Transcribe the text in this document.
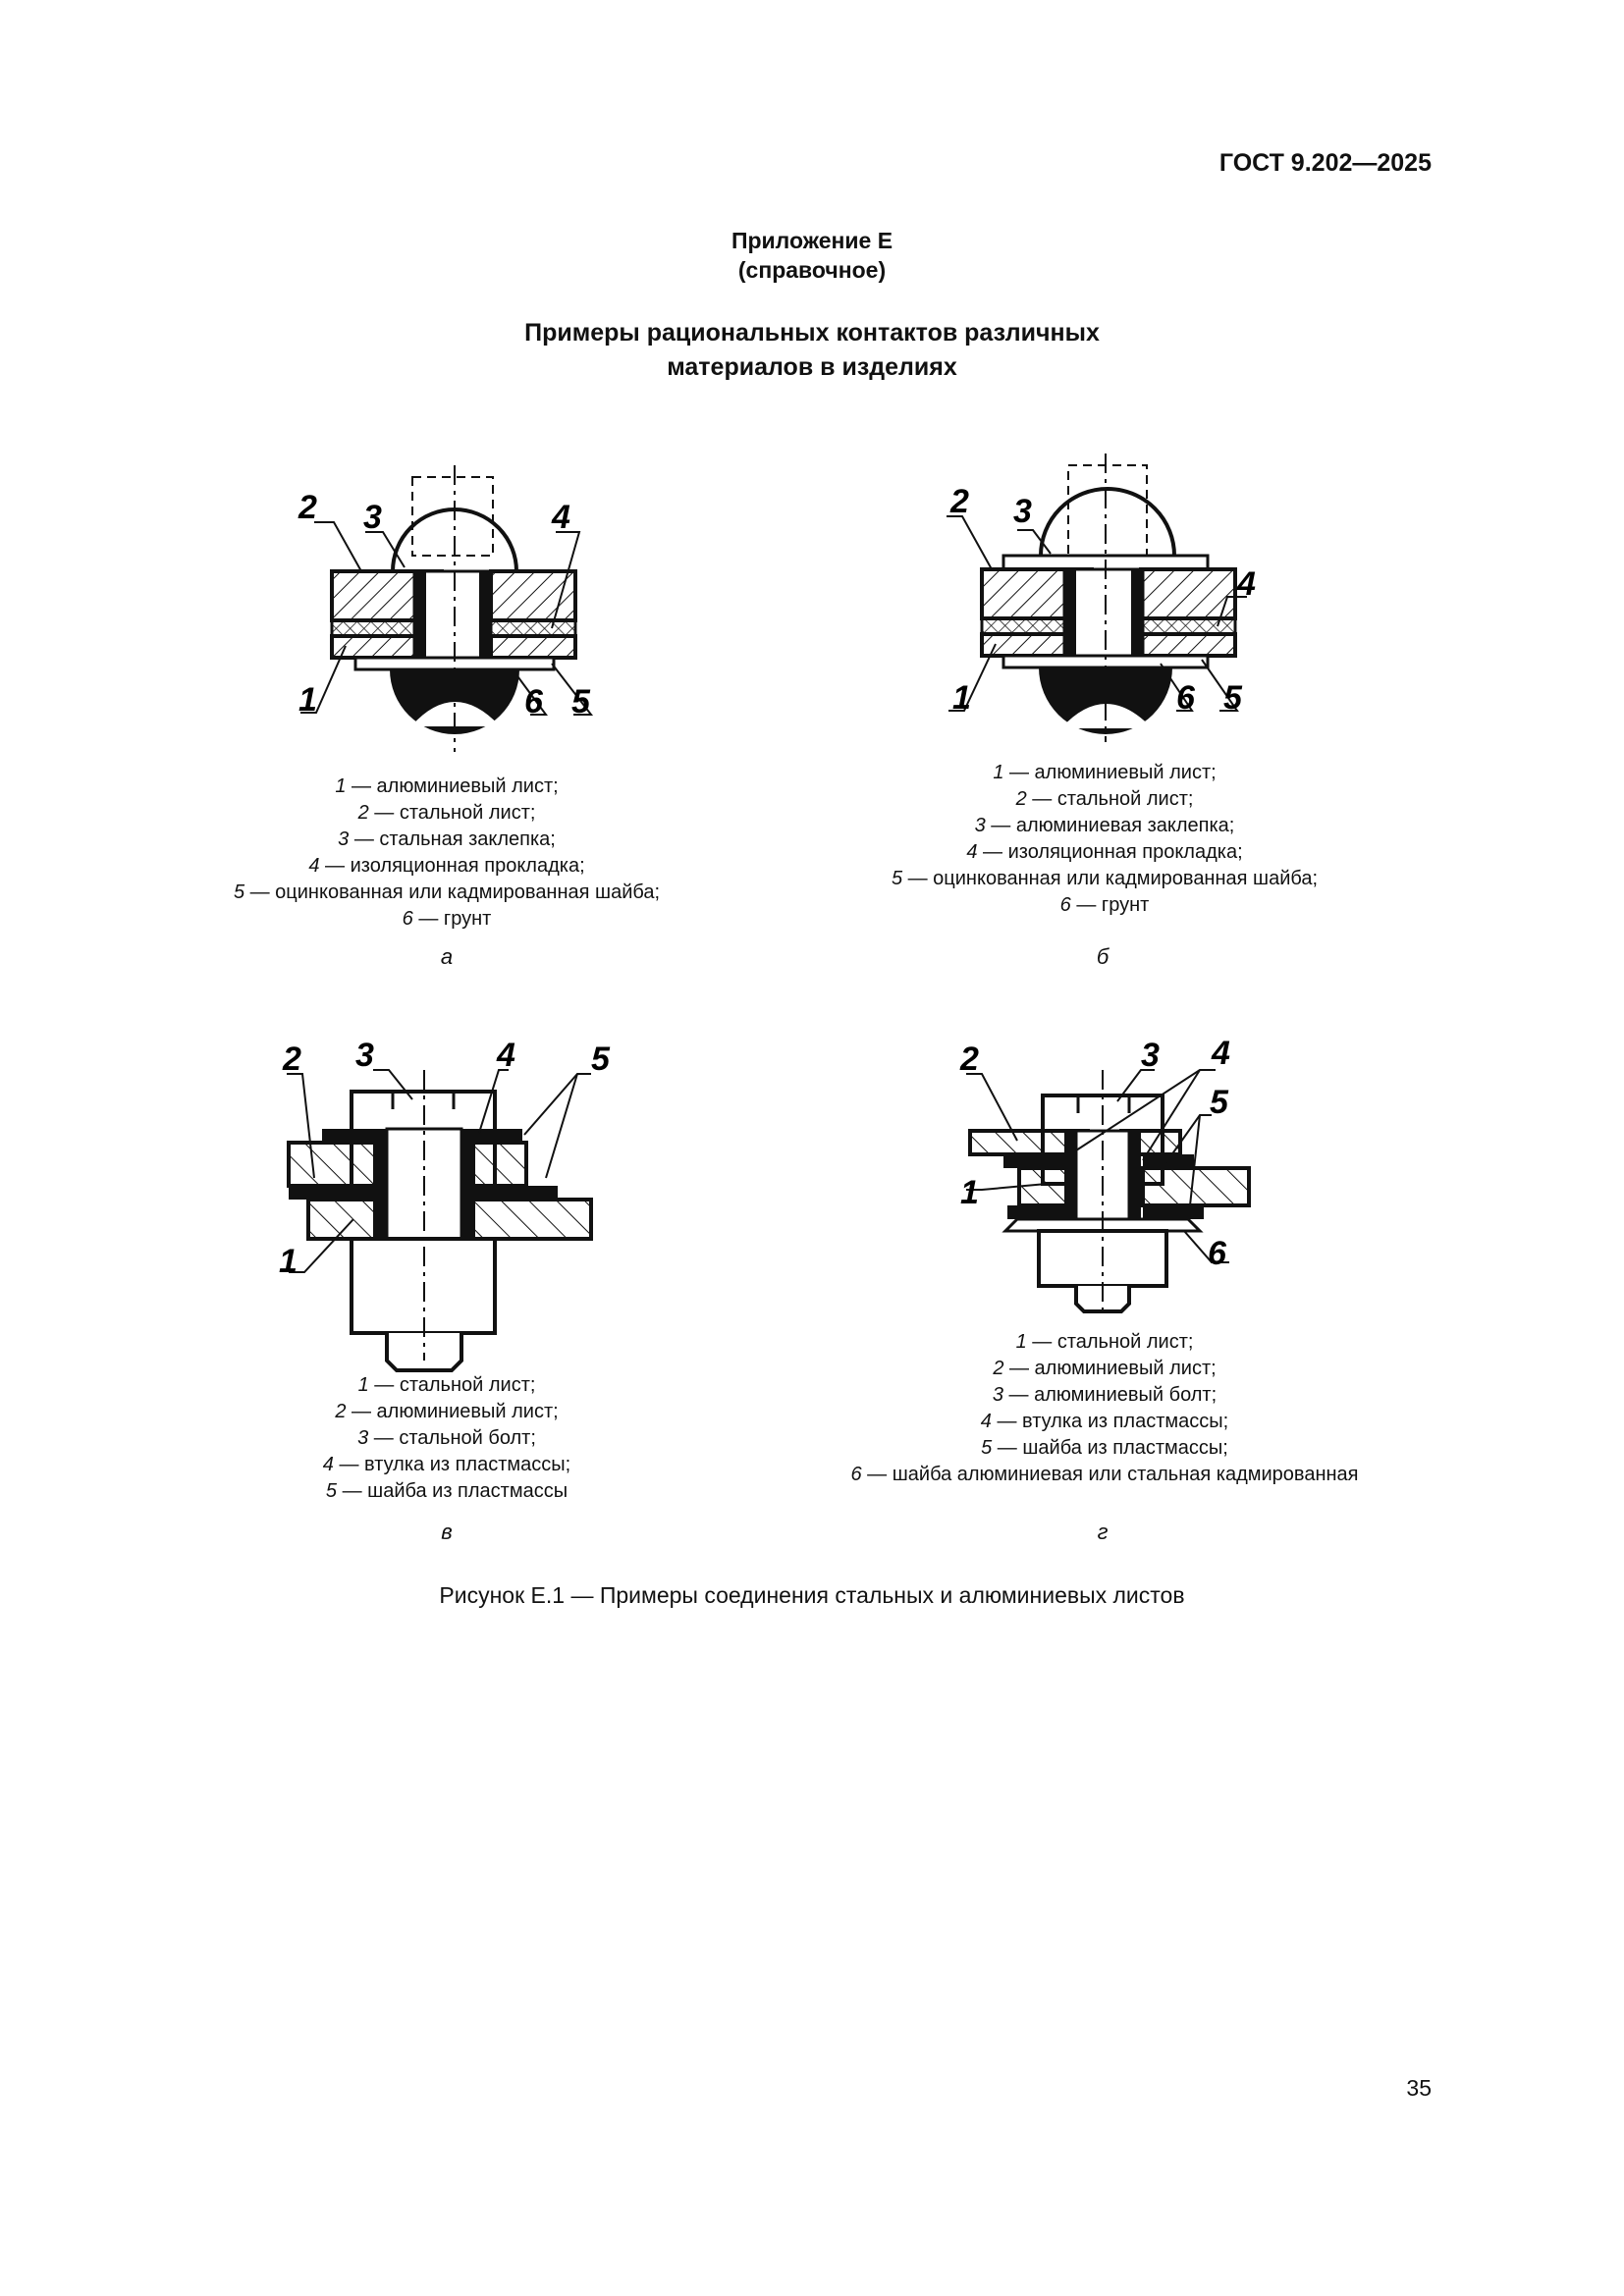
ГОСТ 9.202—2025
Приложение Е
(справочное)
Примеры рациональных контактов различных
материалов в изделиях
2 3	4
1	6 5
1 — алюминиевый лист;
2 — стальной лист;
3 — стальная заклепка;
4 — изоляционная прокладка;
5 — оцинкованная или кадмированная шайба;
6 — грунт
а
2 3
4
1	6 5
1 — алюминиевый лист;
2 — стальной лист;
3 — алюминиевая заклепка;
4 — изоляционная прокладка;
5 — оцинкованная или кадмированная шайба;
6 — грунт
б
2 3	4 5
1
1 — стальной лист;
2 — алюминиевый лист;
3 — стальной болт;
4 — втулка из пластмассы;
5 — шайба из пластмассы
в
2	3 4
5
1
6
1 — стальной лист;
2 — алюминиевый лист;
3 — алюминиевый болт;
4 — втулка из пластмассы;
5 — шайба из пластмассы;
6 — шайба алюминиевая или стальная кадмированная
г
Рисунок Е.1 — Примеры соединения стальных и алюминиевых листов
35
